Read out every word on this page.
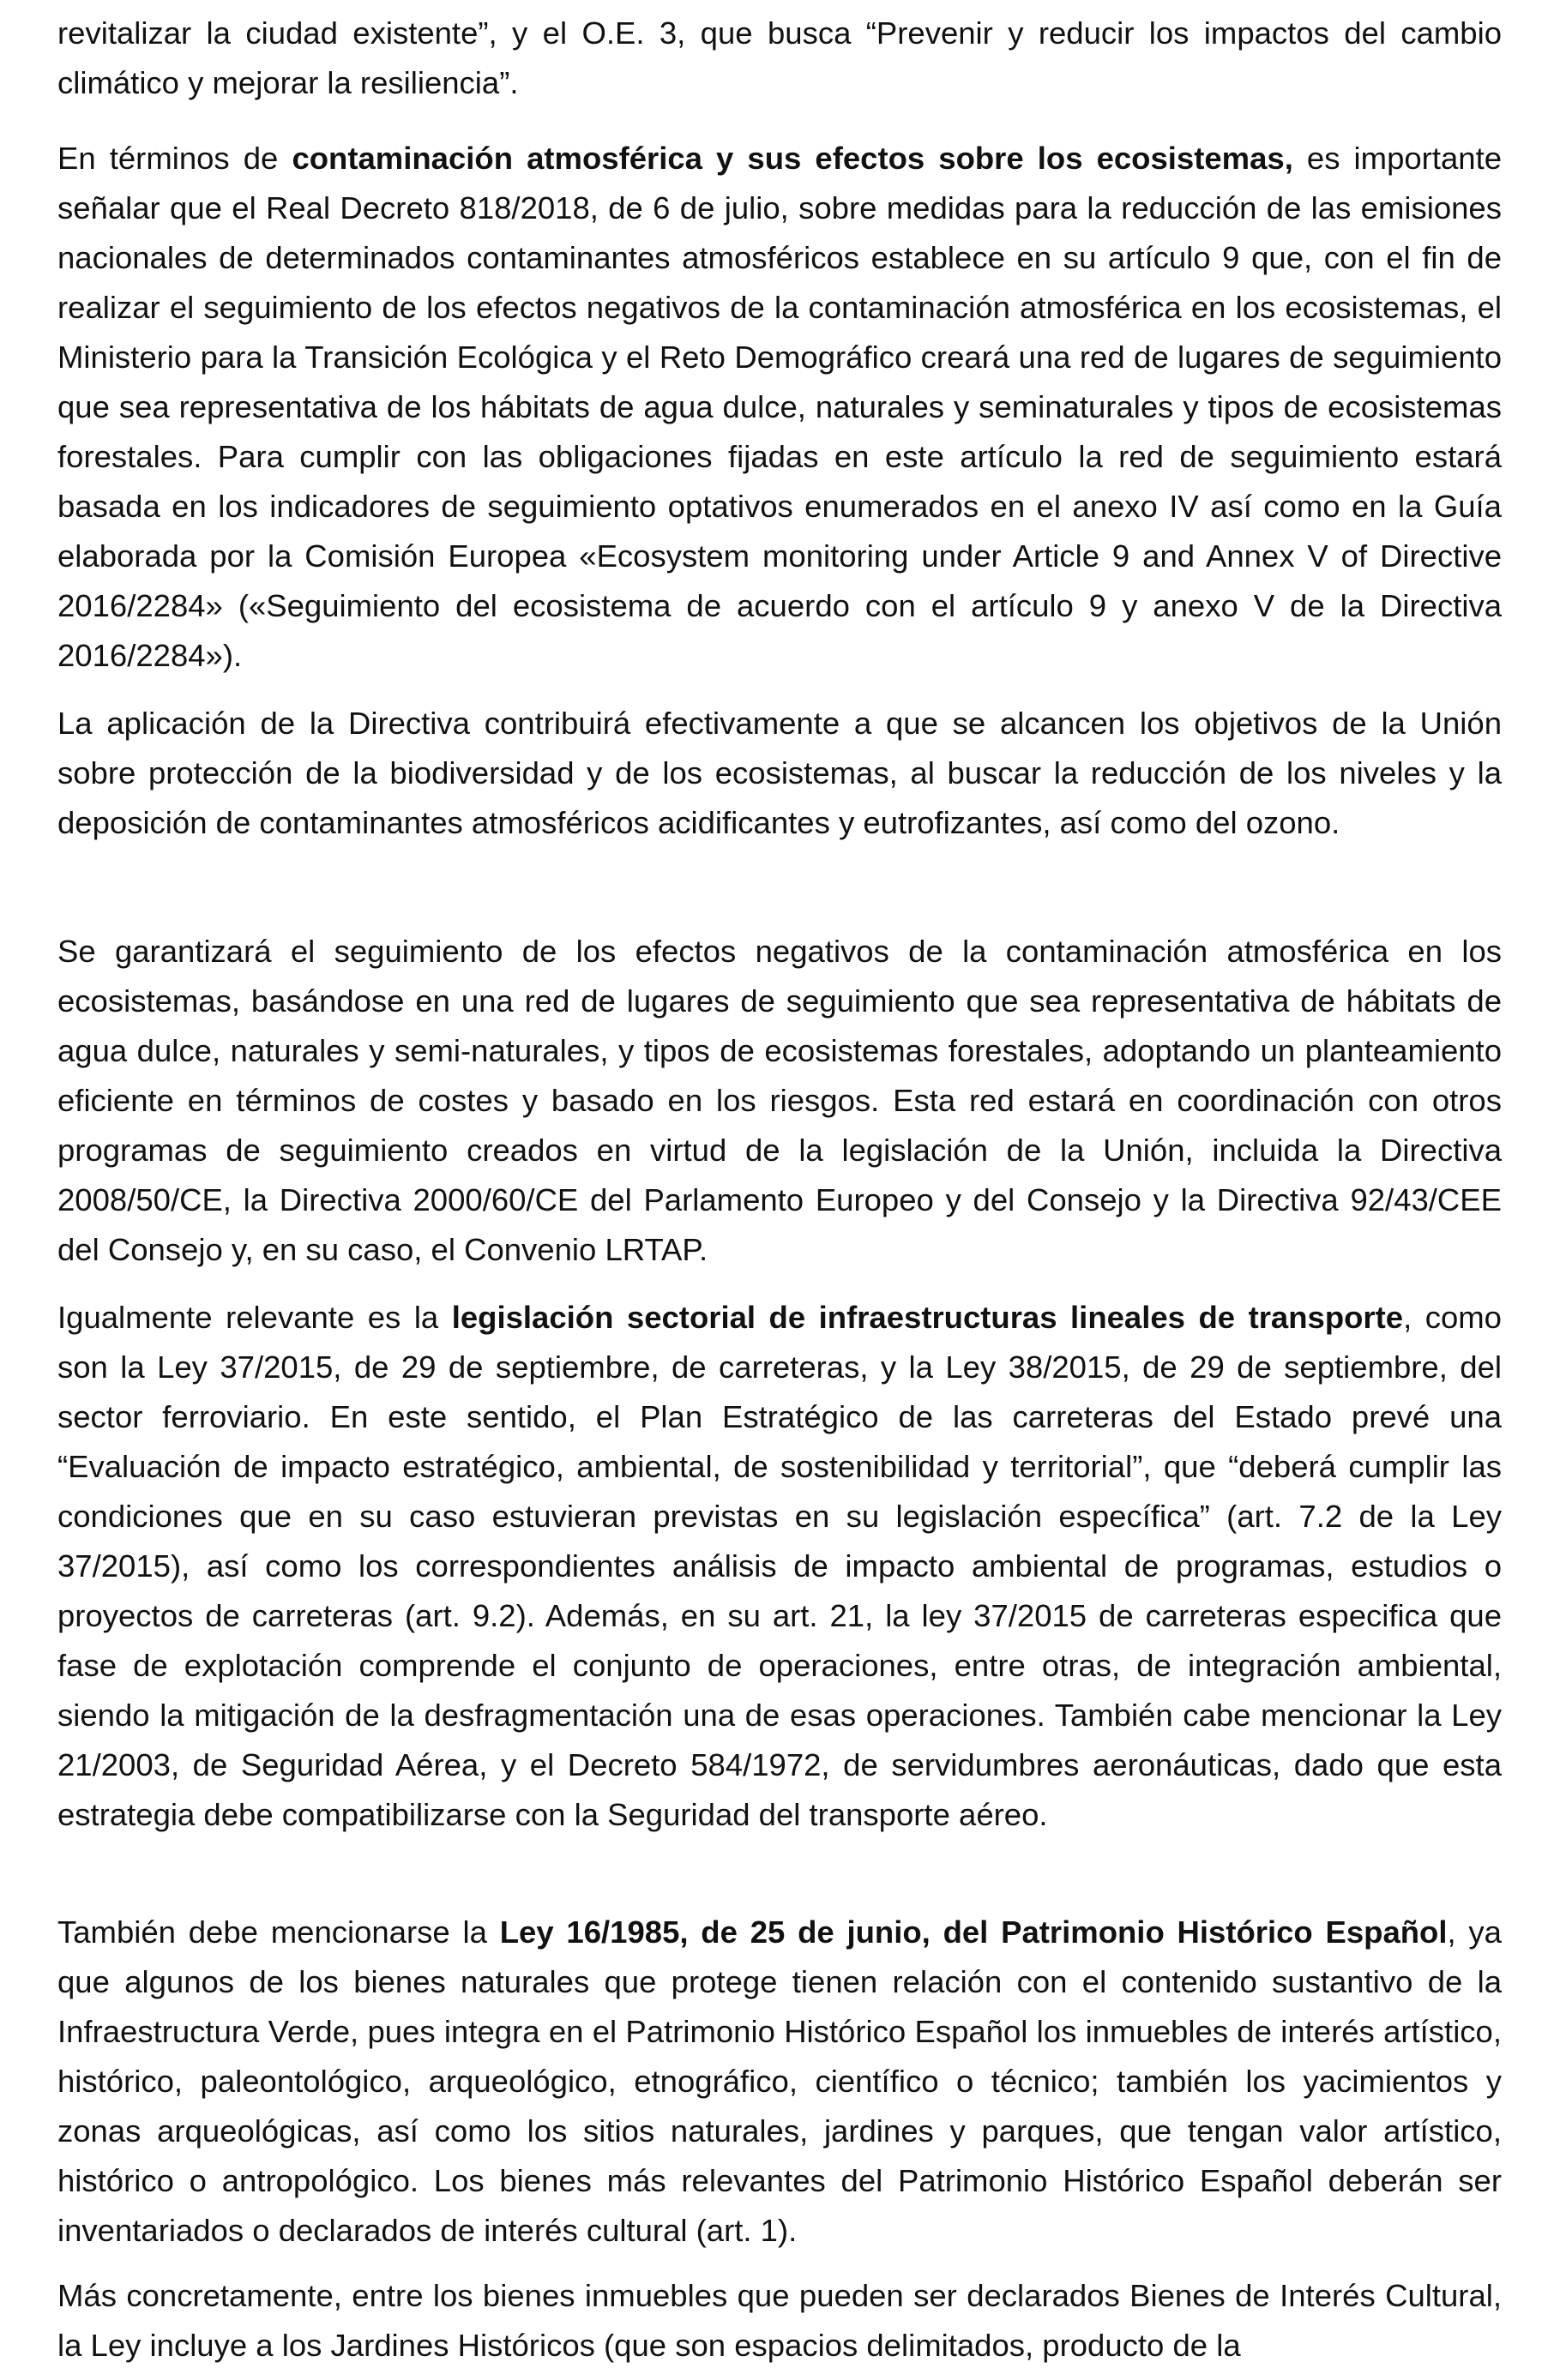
revitalizar la ciudad existente”, y el O.E. 3, que busca “Prevenir y reducir los impactos del cambio climático y mejorar la resiliencia”.

En términos de contaminación atmosférica y sus efectos sobre los ecosistemas, es importante señalar que el Real Decreto 818/2018, de 6 de julio, sobre medidas para la reducción de las emisiones nacionales de determinados contaminantes atmosféricos establece en su artículo 9 que, con el fin de realizar el seguimiento de los efectos negativos de la contaminación atmosférica en los ecosistemas, el Ministerio para la Transición Ecológica y el Reto Demográfico creará una red de lugares de seguimiento que sea representativa de los hábitats de agua dulce, naturales y seminaturales y tipos de ecosistemas forestales. Para cumplir con las obligaciones fijadas en este artículo la red de seguimiento estará basada en los indicadores de seguimiento optativos enumerados en el anexo IV así como en la Guía elaborada por la Comisión Europea «Ecosystem monitoring under Article 9 and Annex V of Directive 2016/2284» («Seguimiento del ecosistema de acuerdo con el artículo 9 y anexo V de la Directiva 2016/2284»).

La aplicación de la Directiva contribuirá efectivamente a que se alcancen los objetivos de la Unión sobre protección de la biodiversidad y de los ecosistemas, al buscar la reducción de los niveles y la deposición de contaminantes atmosféricos acidificantes y eutrofizantes, así como del ozono.

Se garantizará el seguimiento de los efectos negativos de la contaminación atmosférica en los ecosistemas, basándose en una red de lugares de seguimiento que sea representativa de hábitats de agua dulce, naturales y semi-naturales, y tipos de ecosistemas forestales, adoptando un planteamiento eficiente en términos de costes y basado en los riesgos. Esta red estará en coordinación con otros programas de seguimiento creados en virtud de la legislación de la Unión, incluida la Directiva 2008/50/CE, la Directiva 2000/60/CE del Parlamento Europeo y del Consejo y la Directiva 92/43/CEE del Consejo y, en su caso, el Convenio LRTAP.

Igualmente relevante es la legislación sectorial de infraestructuras lineales de transporte, como son la Ley 37/2015, de 29 de septiembre, de carreteras, y la Ley 38/2015, de 29 de septiembre, del sector ferroviario. En este sentido, el Plan Estratégico de las carreteras del Estado prevé una “Evaluación de impacto estratégico, ambiental, de sostenibilidad y territorial”, que “deberá cumplir las condiciones que en su caso estuvieran previstas en su legislación específica” (art. 7.2 de la Ley 37/2015), así como los correspondientes análisis de impacto ambiental de programas, estudios o proyectos de carreteras (art. 9.2). Además, en su art. 21, la ley 37/2015 de carreteras especifica que fase de explotación comprende el conjunto de operaciones, entre otras, de integración ambiental, siendo la mitigación de la desfragmentación una de esas operaciones. También cabe mencionar la Ley 21/2003, de Seguridad Aérea, y el Decreto 584/1972, de servidumbres aeronáuticas, dado que esta estrategia debe compatibilizarse con la Seguridad del transporte aéreo.

También debe mencionarse la Ley 16/1985, de 25 de junio, del Patrimonio Histórico Español, ya que algunos de los bienes naturales que protege tienen relación con el contenido sustantivo de la Infraestructura Verde, pues integra en el Patrimonio Histórico Español los inmuebles de interés artístico, histórico, paleontológico, arqueológico, etnográfico, científico o técnico; también los yacimientos y zonas arqueológicas, así como los sitios naturales, jardines y parques, que tengan valor artístico, histórico o antropológico. Los bienes más relevantes del Patrimonio Histórico Español deberán ser inventariados o declarados de interés cultural (art. 1).

Más concretamente, entre los bienes inmuebles que pueden ser declarados Bienes de Interés Cultural, la Ley incluye a los Jardines Históricos (que son espacios delimitados, producto de la
